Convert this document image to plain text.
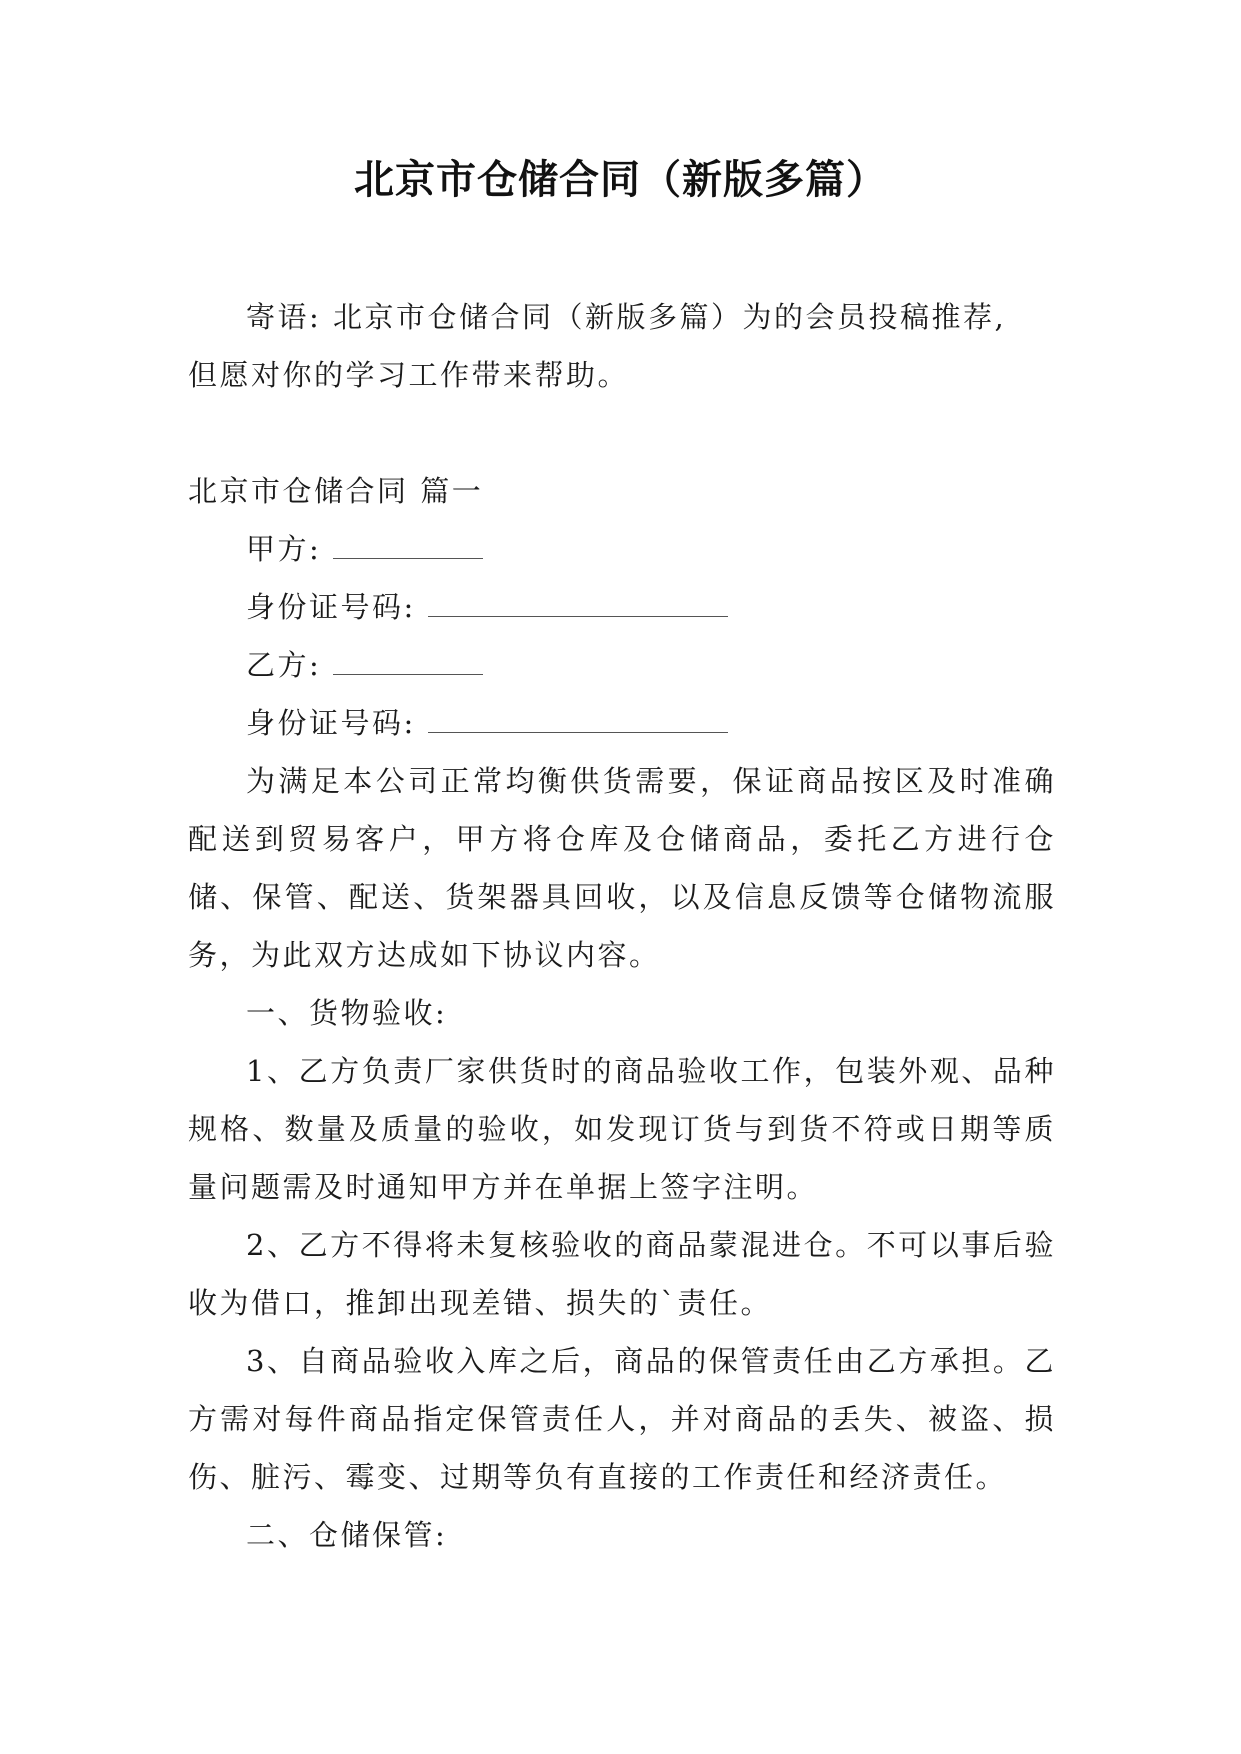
北京市仓储合同（新版多篇）

寄语: 北京市仓储合同（新版多篇）为的会员投稿推荐,

但愿对你的学习工作带来帮助。

北京市仓储合同 篇一

甲方:

身份证号码:

乙方:

身份证号码:

为满足本公司正常均衡供货需要，保证商品按区及时准确配送到贸易客户，甲方将仓库及仓储商品，委托乙方进行仓储、保管、配送、货架器具回收，以及信息反馈等仓储物流服务，为此双方达成如下协议内容。

一、货物验收:

1、乙方负责厂家供货时的商品验收工作，包装外观、品种规格、数量及质量的验收，如发现订货与到货不符或日期等质量问题需及时通知甲方并在单据上签字注明。

2、乙方不得将未复核验收的商品蒙混进仓。不可以事后验收为借口，推卸出现差错、损失的`责任。

3、自商品验收入库之后，商品的保管责任由乙方承担。乙方需对每件商品指定保管责任人，并对商品的丢失、被盗、损伤、脏污、霉变、过期等负有直接的工作责任和经济责任。

二、仓储保管:
